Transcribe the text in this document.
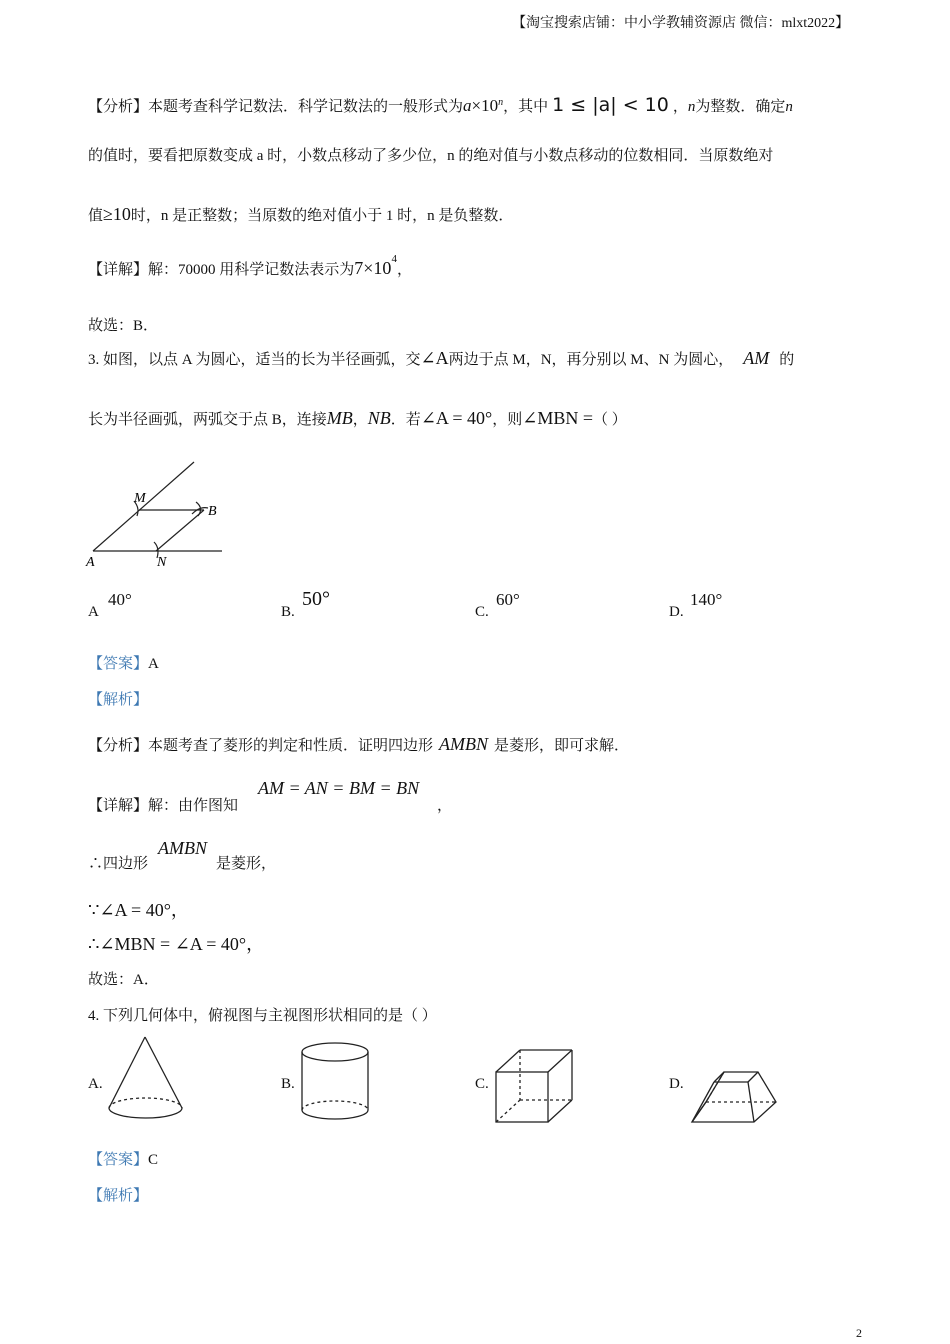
【淘宝搜索店铺：中小学教辅资源店 微信：mlxt2022】
【分析】本题考查科学记数法．科学记数法的一般形式为$a\times 10^n$，其中 1 ≤ |a| < 10 ，n为整数．确定n
的值时，要看把原数变成 a 时，小数点移动了多少位，n 的绝对值与小数点移动的位数相同．当原数绝对
值≥10时，n 是正整数；当原数的绝对值小于 1 时，n 是负整数．
【详解】解：70000 用科学记数法表示为$7\times 10^4$，
故选：B．
3. 如图，以点 A 为圆心，适当的长为半径画弧，交∠A两边于点 M，N，再分别以 M、N 为圆心， AM 的
长为半径画弧，两弧交于点 B，连接MB，NB．若∠A = 40°，则∠MBN =（ ）
M
B
A	N
A
40°
B.
50°
C.
60°
D.
140°
【答案】A
【解析】
【分析】本题考查了菱形的判定和性质．证明四边形 AMBN 是菱形，即可求解．
【详解】解：由作图知
AM = AN = BM = BN
，
∴四边形
AMBN
是菱形，
∵∠A = 40°，
∴∠MBN = ∠A = 40°，
故选：A．
4. 下列几何体中，俯视图与主视图形状相同的是（ ）
A.	B.	C.	D.
【答案】C
【解析】
2
